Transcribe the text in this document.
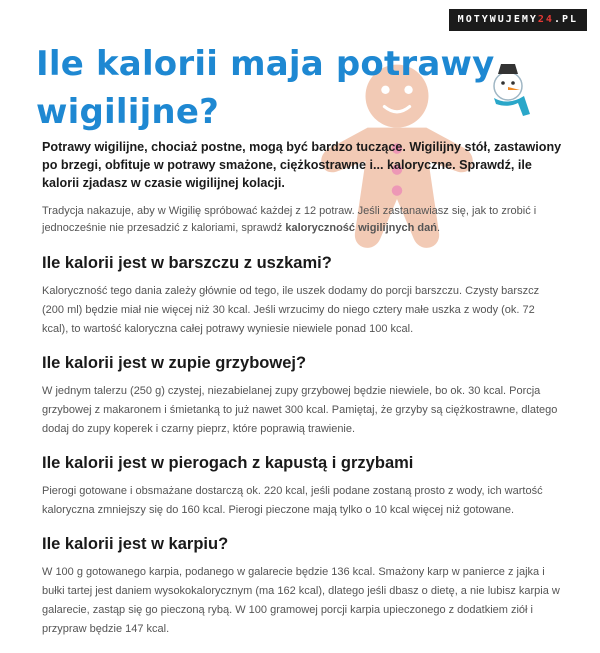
MOTYWUJEMY24.PL
Ile kalorii maja potrawy wigilijne?

Potrawy wigilijne, chociaż postne, mogą być bardzo tuczące. Wigilijny stół, zastawiony po brzegi, obfituje w potrawy smażone, ciężkostrawne i... kaloryczne. Sprawdź, ile kalorii zjadasz w czasie wigilijnej kolacji.

Tradycja nakazuje, aby w Wigilię spróbować każdej z 12 potraw. Jeśli zastanawiasz się, jak to zrobić i jednocześnie nie przesadzić z kaloriami, sprawdź kaloryczność wigilijnych dań.

Ile kalorii jest w barszczu z uszkami?

Kaloryczność tego dania zależy głównie od tego, ile uszek dodamy do porcji barszczu. Czysty barszcz (200 ml) będzie miał nie więcej niż 30 kcal. Jeśli wrzucimy do niego cztery małe uszka z wody (ok. 72 kcal), to wartość kaloryczna całej potrawy wyniesie niewiele ponad 100 kcal.

Ile kalorii jest w zupie grzybowej?

W jednym talerzu (250 g) czystej, niezabielanej zupy grzybowej będzie niewiele, bo ok. 30 kcal. Porcja grzybowej z makaronem i śmietanką to już nawet 300 kcal. Pamiętaj, że grzyby są ciężkostrawne, dlatego dodaj do zupy koperek i czarny pieprz, które poprawią trawienie.

Ile kalorii jest w pierogach z kapustą i grzybami

Pierogi gotowane i obsmażane dostarczą ok. 220 kcal, jeśli podane zostaną prosto z wody, ich wartość kaloryczna zmniejszy się do 160 kcal. Pierogi pieczone mają tylko o 10 kcal więcej niż gotowane.

Ile kalorii jest w karpiu?

W 100 g gotowanego karpia, podanego w galarecie będzie 136 kcal. Smażony karp w panierce z jajka i bułki tartej jest daniem wysokokalorycznym (ma 162 kcal), dlatego jeśli dbasz o dietę, a nie lubisz karpia w galarecie, zastąp się go pieczoną rybą. W 100 gramowej porcji karpia upieczonego z dodatkiem ziół i przypraw będzie 147 kcal.
